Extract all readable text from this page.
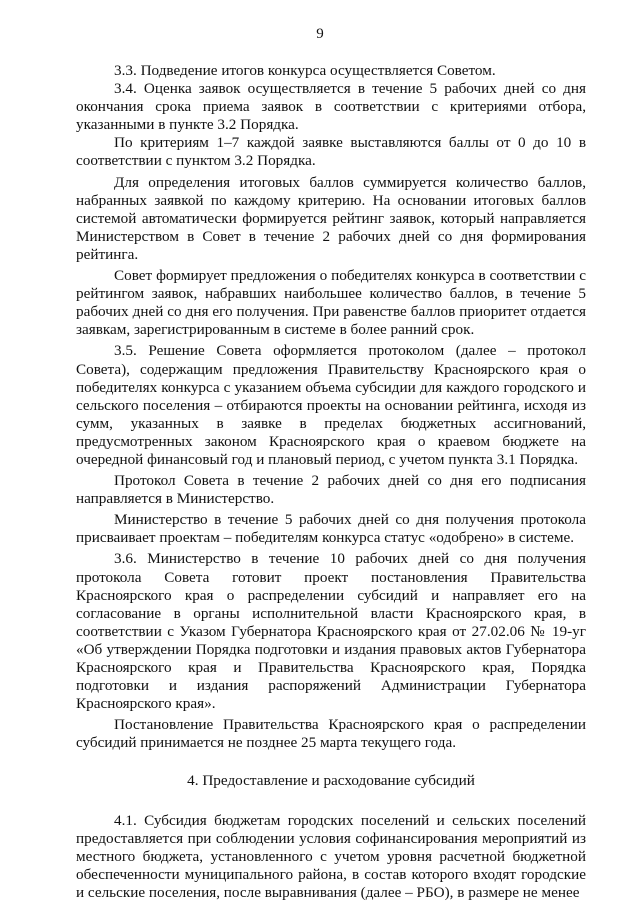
9

3.3. Подведение итогов конкурса осуществляется Советом.

3.4. Оценка заявок осуществляется в течение 5 рабочих дней со дня окончания срока приема заявок в соответствии с критериями отбора, указанными в пункте 3.2 Порядка.

По критериям 1–7 каждой заявке выставляются баллы от 0 до 10 в соответствии с пунктом 3.2 Порядка.

Для определения итоговых баллов суммируется количество баллов, набранных заявкой по каждому критерию. На основании итоговых баллов системой автоматически формируется рейтинг заявок, который направляется Министерством в Совет в течение 2 рабочих дней со дня формирования рейтинга.

Совет формирует предложения о победителях конкурса в соответствии с рейтингом заявок, набравших наибольшее количество баллов, в течение 5 рабочих дней со дня его получения. При равенстве баллов приоритет отдается заявкам, зарегистрированным в системе в более ранний срок.

3.5. Решение Совета оформляется протоколом (далее – протокол Совета), содержащим предложения Правительству Красноярского края о победителях конкурса с указанием объема субсидии для каждого городского и сельского поселения – отбираются проекты на основании рейтинга, исходя из сумм, указанных в заявке в пределах бюджетных ассигнований, предусмотренных законом Красноярского края о краевом бюджете на очередной финансовый год и плановый период, с учетом пункта 3.1 Порядка.

Протокол Совета в течение 2 рабочих дней со дня его подписания направляется в Министерство.

Министерство в течение 5 рабочих дней со дня получения протокола присваивает проектам – победителям конкурса статус «одобрено» в системе.

3.6. Министерство в течение 10 рабочих дней со дня получения протокола Совета готовит проект постановления Правительства Красноярского края о распределении субсидий и направляет его на согласование в органы исполнительной власти Красноярского края, в соответствии с Указом Губернатора Красноярского края от 27.02.06 № 19-уг «Об утверждении Порядка подготовки и издания правовых актов Губернатора Красноярского края и Правительства Красноярского края, Порядка подготовки и издания распоряжений Администрации Губернатора Красноярского края».

Постановление Правительства Красноярского края о распределении субсидий принимается не позднее 25 марта текущего года.

4. Предоставление и расходование субсидий

4.1. Субсидия бюджетам городских поселений и сельских поселений предоставляется при соблюдении условия софинансирования мероприятий из местного бюджета, установленного с учетом уровня расчетной бюджетной обеспеченности муниципального района, в состав которого входят городские и сельские поселения, после выравнивания (далее – РБО), в размере не менее
